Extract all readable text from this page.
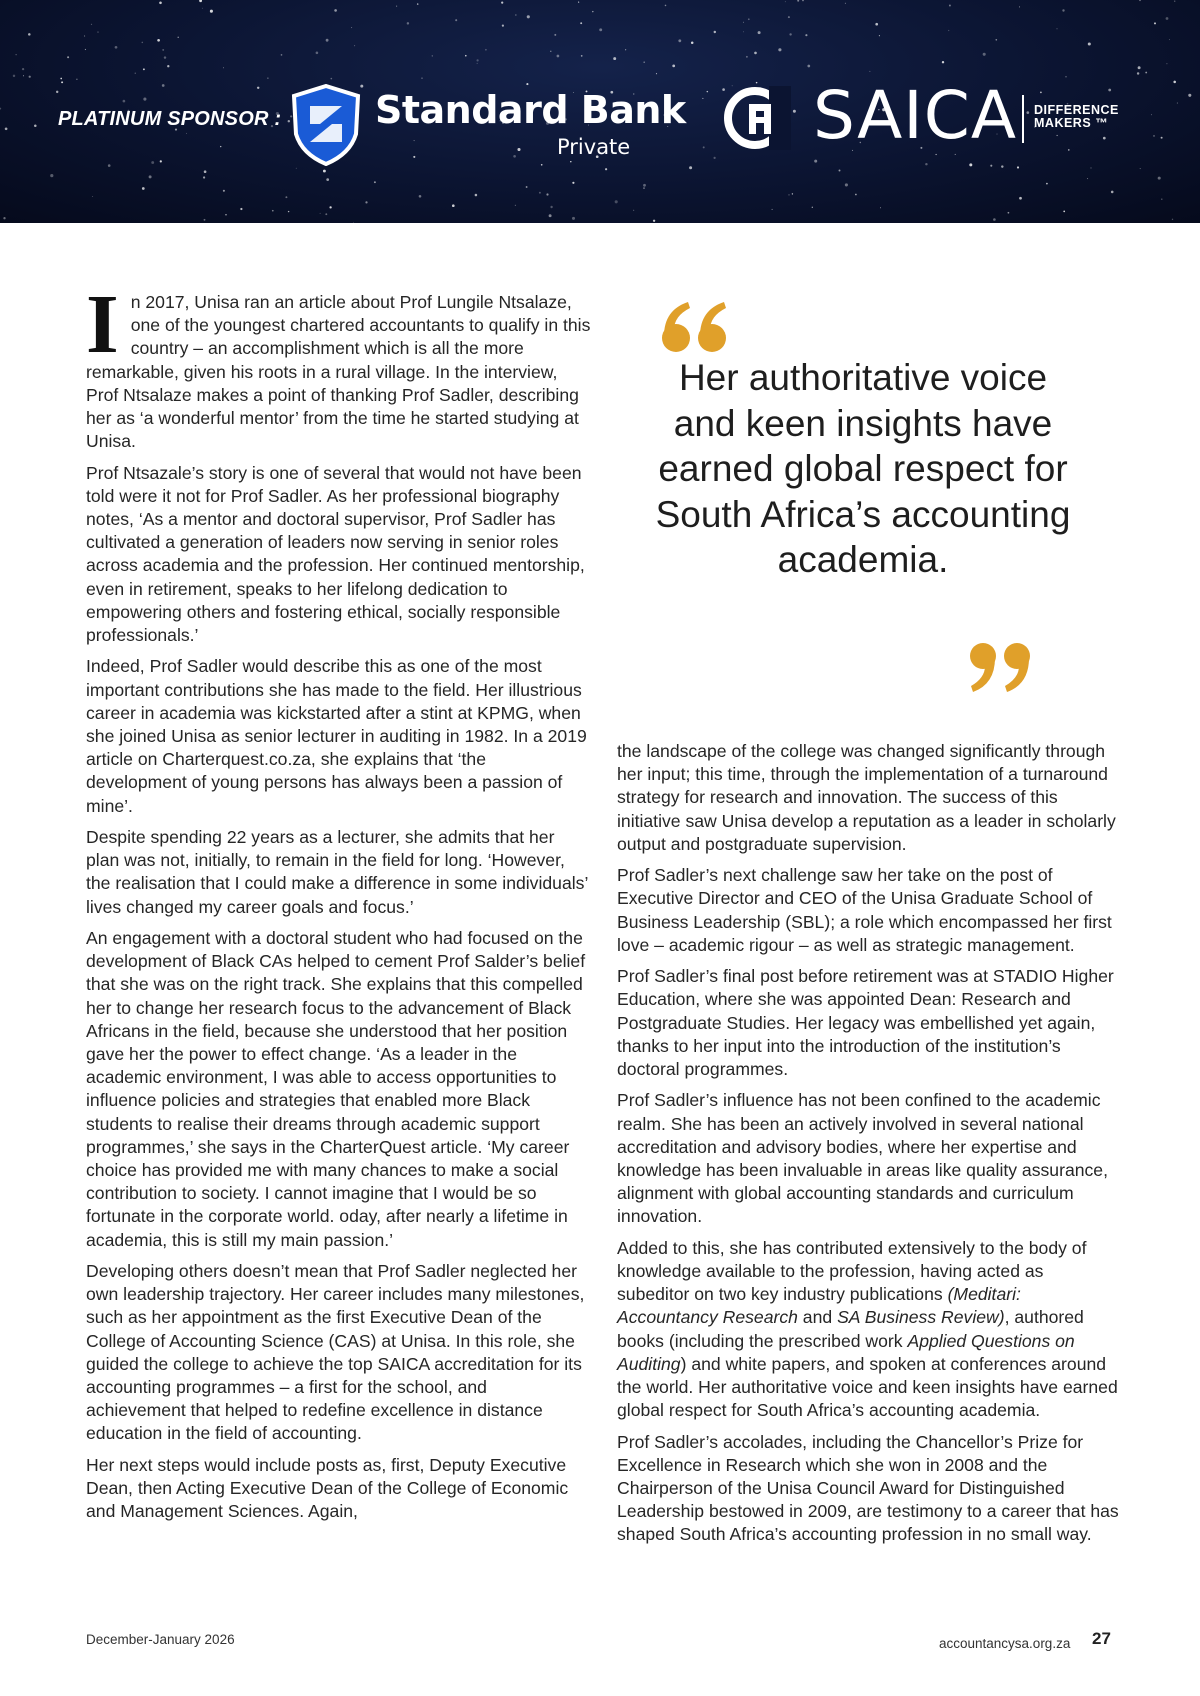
PLATINUM SPONSOR : Standard Bank
Private	SAICA DIFFERENCE
MAKERS ™

In 2017, Unisa ran an article about Prof Lungile Ntsalaze, one of the youngest chartered accountants to qualify in this country – an accomplishment which is all the more remarkable, given his roots in a rural village. In the interview, Prof Ntsalaze makes a point of thanking Prof Sadler, describing her as ‘a wonderful mentor’ from the time he started studying at Unisa.

Prof Ntsazale’s story is one of several that would not have been told were it not for Prof Sadler. As her professional biography notes, ‘As a mentor and doctoral supervisor, Prof Sadler has cultivated a generation of leaders now serving in senior roles across academia and the profession. Her continued mentorship, even in retirement, speaks to her lifelong dedication to empowering others and fostering ethical, socially responsible professionals.’

Indeed, Prof Sadler would describe this as one of the most important contributions she has made to the field. Her illustrious career in academia was kickstarted after a stint at KPMG, when she joined Unisa as senior lecturer in auditing in 1982. In a 2019 article on Charterquest.co.za, she explains that ‘the development of young persons has always been a passion of mine’.

Despite spending 22 years as a lecturer, she admits that her plan was not, initially, to remain in the field for long. ‘However, the realisation that I could make a difference in some individuals’ lives changed my career goals and focus.’

An engagement with a doctoral student who had focused on the development of Black CAs helped to cement Prof Salder’s belief that she was on the right track. She explains that this compelled her to change her research focus to the advancement of Black Africans in the field, because she understood that her position gave her the power to effect change. ‘As a leader in the academic environment, I was able to access opportunities to influence policies and strategies that enabled more Black students to realise their dreams through academic support programmes,’ she says in the CharterQuest article. ‘My career choice has provided me with many chances to make a social contribution to society. I cannot imagine that I would be so fortunate in the corporate world. oday, after nearly a lifetime in academia, this is still my main passion.’

Developing others doesn’t mean that Prof Sadler neglected her own leadership trajectory. Her career includes many milestones, such as her appointment as the first Executive Dean of the College of Accounting Science (CAS) at Unisa. In this role, she guided the college to achieve the top SAICA accreditation for its accounting programmes – a first for the school, and achievement that helped to redefine excellence in distance education in the field of accounting.

Her next steps would include posts as, first, Deputy Executive Dean, then Acting Executive Dean of the College of Economic and Management Sciences. Again,

Her authoritative voice and keen insights have earned global respect for South Africa’s accounting academia.

the landscape of the college was changed significantly through her input; this time, through the implementation of a turnaround strategy for research and innovation. The success of this initiative saw Unisa develop a reputation as a leader in scholarly output and postgraduate supervision.

Prof Sadler’s next challenge saw her take on the post of Executive Director and CEO of the Unisa Graduate School of Business Leadership (SBL); a role which encompassed her first love – academic rigour – as well as strategic management.

Prof Sadler’s final post before retirement was at STADIO Higher Education, where she was appointed Dean: Research and Postgraduate Studies. Her legacy was embellished yet again, thanks to her input into the introduction of the institution’s doctoral programmes.

Prof Sadler’s influence has not been confined to the academic realm. She has been an actively involved in several national accreditation and advisory bodies, where her expertise and knowledge has been invaluable in areas like quality assurance, alignment with global accounting standards and curriculum innovation.

Added to this, she has contributed extensively to the body of knowledge available to the profession, having acted as subeditor on two key industry publications (Meditari: Accountancy Research and SA Business Review), authored books (including the prescribed work Applied Questions on Auditing) and white papers, and spoken at conferences around the world. Her authoritative voice and keen insights have earned global respect for South Africa’s accounting academia.

Prof Sadler’s accolades, including the Chancellor’s Prize for Excellence in Research which she won in 2008 and the Chairperson of the Unisa Council Award for Distinguished Leadership bestowed in 2009, are testimony to a career that has shaped South Africa’s accounting profession in no small way.

December-January 2026	accountancysa.org.za 27
